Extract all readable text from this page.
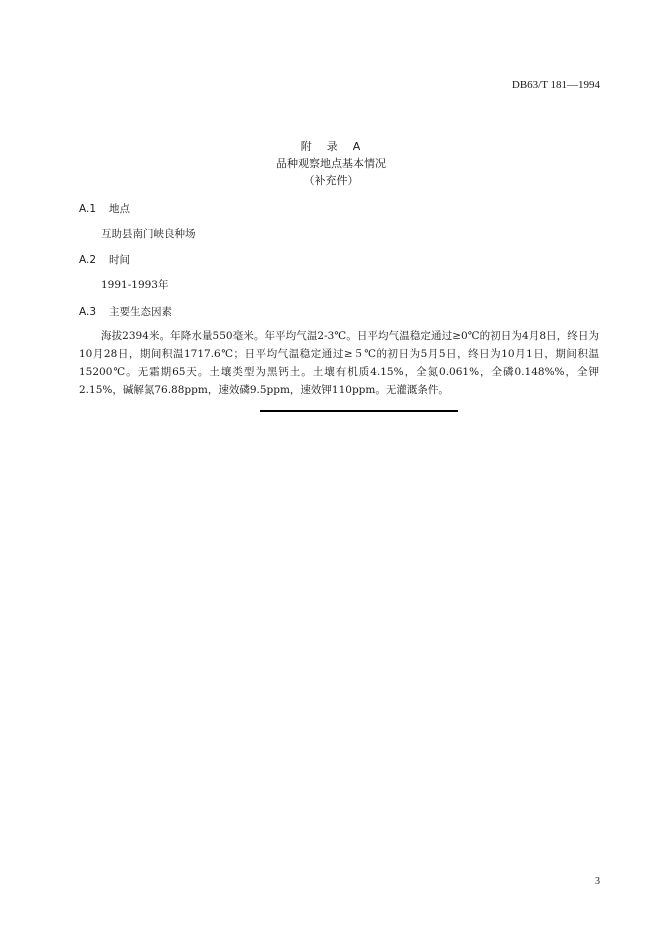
DB63/T 181—1994
附 录 A
品种观察地点基本情况
（补充件）
A.1 地点
互助县南门峡良种场
A.2 时间
1991-1993年
A.3 主要生态因素
海拔2394米。年降水量550毫米。年平均气温2-3℃。日平均气温稳定通过≥0℃的初日为4月8日，终日为10月28日，期间积温1717.6℃；日平均气温稳定通过≥５℃的初日为5月5日，终日为10月1日，期间积温15200℃。无霜期65天。土壤类型为黑钙土。土壤有机质4.15%，全氮0.061%，全磷0.148%%，全钾2.15%，碱解氮76.88ppm，速效磷9.5ppm，速效钾110ppm。无灌溉条件。
3
